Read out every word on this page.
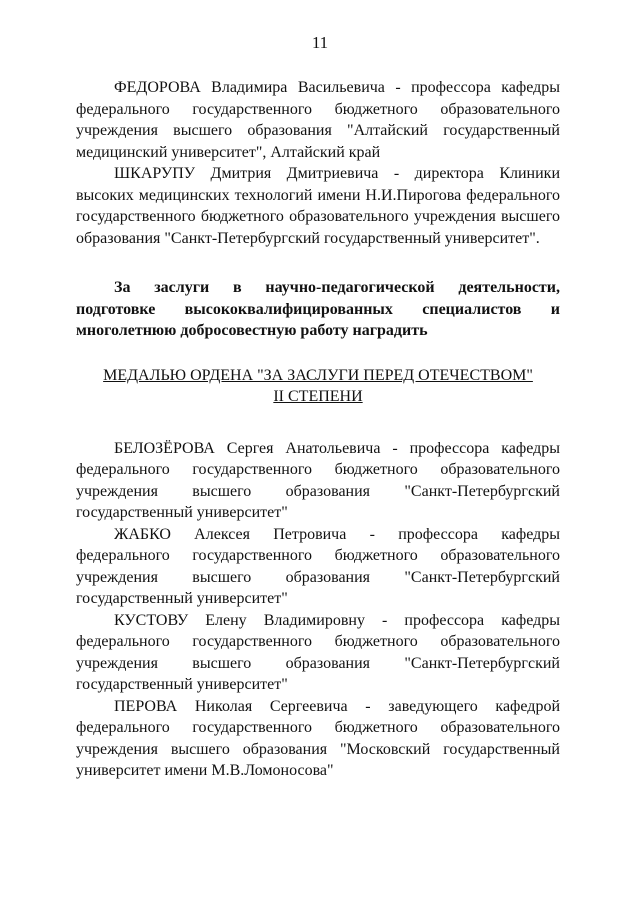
11

ФЕДОРОВА Владимира Васильевича - профессора кафедры федерального государственного бюджетного образовательного учреждения высшего образования "Алтайский государственный медицинский университет", Алтайский край

ШКАРУПУ Дмитрия Дмитриевича - директора Клиники высоких медицинских технологий имени Н.И.Пирогова федерального государственного бюджетного образовательного учреждения высшего образования "Санкт-Петербургский государственный университет".

За заслуги в научно-педагогической деятельности, подготовке высококвалифицированных специалистов и многолетнюю добросовестную работу наградить

МЕДАЛЬЮ ОРДЕНА "ЗА ЗАСЛУГИ ПЕРЕД ОТЕЧЕСТВОМ"
II СТЕПЕНИ

БЕЛОЗЁРОВА Сергея Анатольевича - профессора кафедры федерального государственного бюджетного образовательного учреждения высшего образования "Санкт-Петербургский государственный университет"

ЖАБКО Алексея Петровича - профессора кафедры федерального государственного бюджетного образовательного учреждения высшего образования "Санкт-Петербургский государственный университет"

КУСТОВУ Елену Владимировну - профессора кафедры федерального государственного бюджетного образовательного учреждения высшего образования "Санкт-Петербургский государственный университет"

ПЕРОВА Николая Сергеевича - заведующего кафедрой федерального государственного бюджетного образовательного учреждения высшего образования "Московский государственный университет имени М.В.Ломоносова"
